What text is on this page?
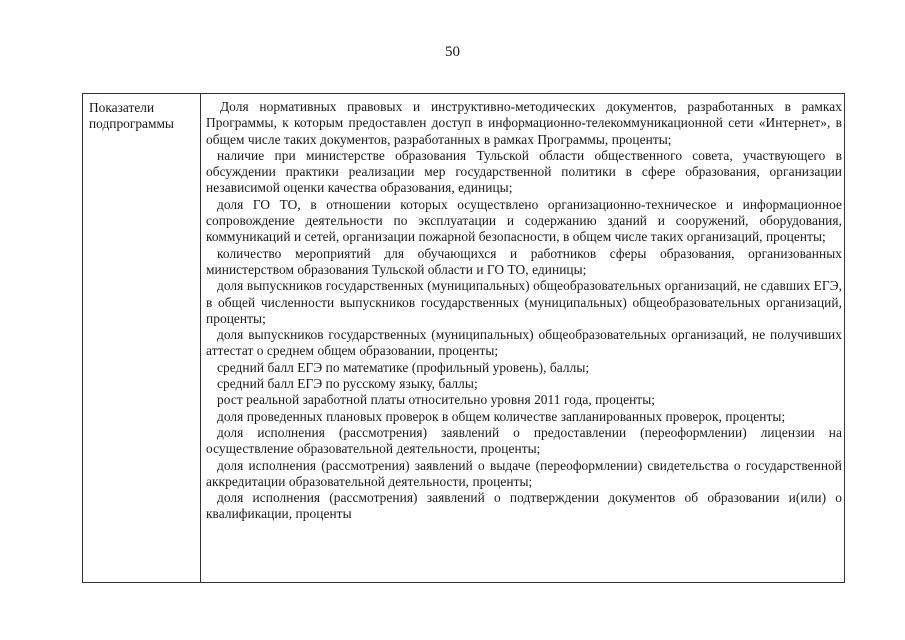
50
Показатели подпрограммы

Доля нормативных правовых и инструктивно-методических документов, разработанных в рамках Программы, к которым предоставлен доступ в информационно-телекоммуникационной сети «Интернет», в общем числе таких документов, разработанных в рамках Программы, проценты;

наличие при министерстве образования Тульской области общественного совета, участвующего в обсуждении практики реализации мер государственной политики в сфере образования, организации независимой оценки качества образования, единицы;

доля ГО ТО, в отношении которых осуществлено организационно-техническое и информационное сопровождение деятельности по эксплуатации и содержанию зданий и сооружений, оборудования, коммуникаций и сетей, организации пожарной безопасности, в общем числе таких организаций, проценты;

количество мероприятий для обучающихся и работников сферы образования, организованных министерством образования Тульской области и ГО ТО, единицы;

доля выпускников государственных (муниципальных) общеобразовательных организаций, не сдавших ЕГЭ, в общей численности выпускников государственных (муниципальных) общеобразовательных организаций, проценты;

доля выпускников государственных (муниципальных) общеобразовательных организаций, не получивших аттестат о среднем общем образовании, проценты;

средний балл ЕГЭ по математике (профильный уровень), баллы;

средний балл ЕГЭ по русскому языку, баллы;

рост реальной заработной платы относительно уровня 2011 года, проценты;

доля проведенных плановых проверок в общем количестве запланированных проверок, проценты;

доля исполнения (рассмотрения) заявлений о предоставлении (переоформлении) лицензии на осуществление образовательной деятельности, проценты;

доля исполнения (рассмотрения) заявлений о выдаче (переоформлении) свидетельства о государственной аккредитации образовательной деятельности, проценты;

доля исполнения (рассмотрения) заявлений о подтверждении документов об образовании и(или) о квалификации, проценты
